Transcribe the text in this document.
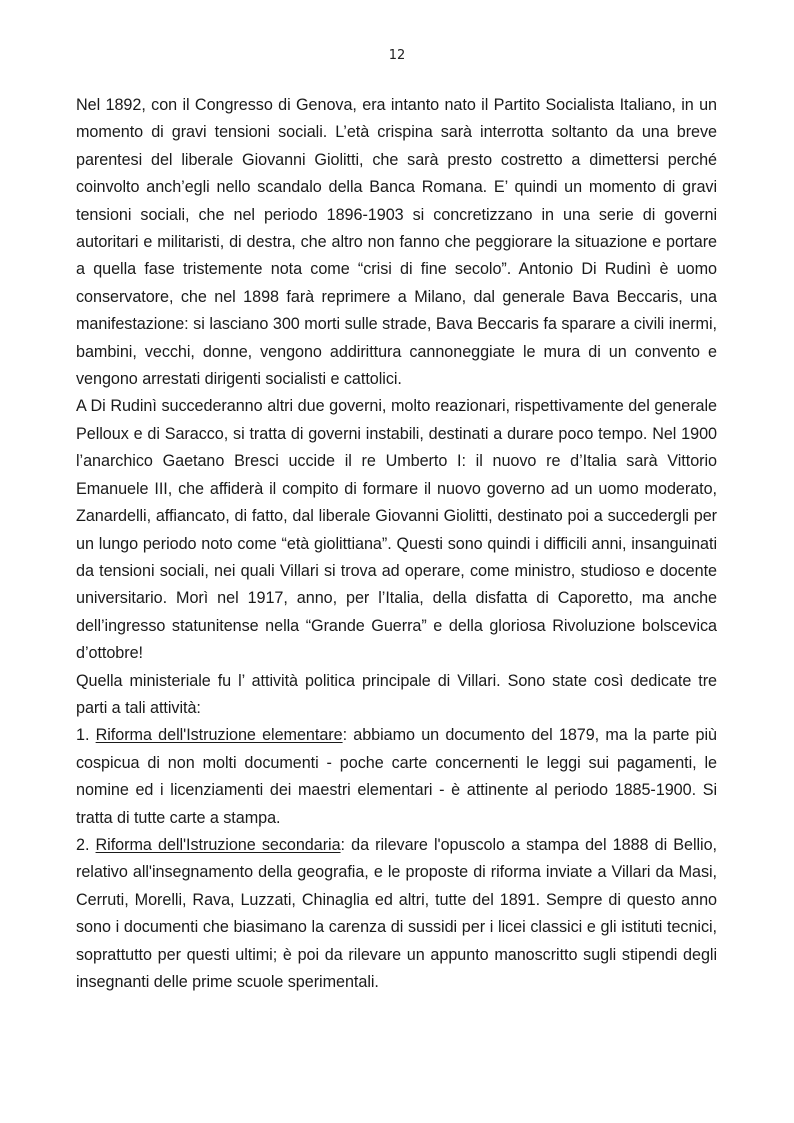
12

Nel 1892, con il Congresso di Genova, era intanto nato il Partito Socialista Italiano, in un momento di gravi tensioni sociali. L’età crispina sarà interrotta soltanto da una breve parentesi del liberale Giovanni Giolitti, che sarà presto costretto a dimettersi perché coinvolto anch’egli nello scandalo della Banca Romana. E’ quindi un momento di gravi tensioni sociali, che nel periodo 1896-1903 si concretizzano in una serie di governi autoritari e militaristi, di destra, che altro non fanno che peggiorare la situazione e portare a quella fase tristemente nota come “crisi di fine secolo”. Antonio Di Rudinì è uomo conservatore, che nel 1898 farà reprimere a Milano, dal generale Bava Beccaris, una manifestazione: si lasciano 300 morti sulle strade, Bava Beccaris fa sparare a civili inermi, bambini, vecchi, donne, vengono addirittura cannoneggiate le mura di un convento e vengono arrestati dirigenti socialisti e cattolici.

A Di Rudinì succederanno altri due governi, molto reazionari, rispettivamente del generale Pelloux e di Saracco, si tratta di governi instabili, destinati a durare poco tempo. Nel 1900 l’anarchico Gaetano Bresci uccide il re Umberto I: il nuovo re d’Italia sarà Vittorio Emanuele III, che affiderà il compito di formare il nuovo governo ad un uomo moderato, Zanardelli, affiancato, di fatto, dal liberale Giovanni Giolitti, destinato poi a succedergli per un lungo periodo noto come “età giolittiana”. Questi sono quindi i difficili anni, insanguinati da tensioni sociali, nei quali Villari si trova ad operare, come ministro, studioso e docente universitario. Morì nel 1917, anno, per l’Italia, della disfatta di Caporetto, ma anche dell’ingresso statunitense nella “Grande Guerra” e della gloriosa Rivoluzione bolscevica d’ottobre!

Quella ministeriale fu l’ attività politica principale di Villari. Sono state così dedicate tre parti a tali attività:

1. Riforma dell'Istruzione elementare: abbiamo un documento del 1879, ma la parte più cospicua di non molti documenti - poche carte concernenti le leggi sui pagamenti, le nomine ed i licenziamenti dei maestri elementari - è attinente al periodo 1885-1900. Si tratta di tutte carte a stampa.

2. Riforma dell'Istruzione secondaria: da rilevare l'opuscolo a stampa del 1888 di Bellio, relativo all'insegnamento della geografia, e le proposte di riforma inviate a Villari da Masi, Cerruti, Morelli, Rava, Luzzati, Chinaglia ed altri, tutte del 1891. Sempre di questo anno sono i documenti che biasimano la carenza di sussidi per i licei classici e gli istituti tecnici, soprattutto per questi ultimi; è poi da rilevare un appunto manoscritto sugli stipendi degli insegnanti delle prime scuole sperimentali.
